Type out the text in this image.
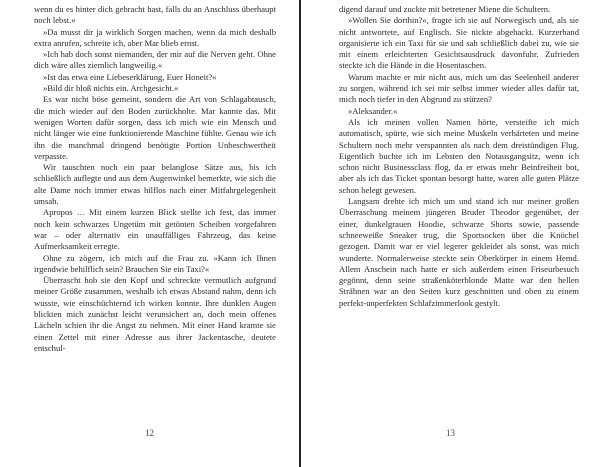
wenn du es hinter dich gebracht hast, falls du an Anschluss überhaupt noch lebst.«

»Da musst dir ja wirklich Sorgen machen, wenn da mich deshalb extra anrufen, schreite ich, aber Mar blieb ernst.

»Ich hab doch sonst niemanden, der mir auf die Nerven geht. Ohne dich wäre alles ziemlich langweilig.«

»Ist das etwa eine Liebeserklärung, Euer Honeit?«

»Bild dir bloß nichts ein. Archgesicht.«

Es war nicht böse gemeint, sondern die Art von Schlagabtausch, die mich wieder auf den Boden zurückholte. Mar kannte das. Mit wenigen Worten dafür sorgen, dass ich mich wie ein Mensch und nicht länger wie eine funktionierende Maschine fühlte. Genau wie ich ihn die manchmal dringend benötigte Portion Unbeschwertheit verpasste.

Wir tauschten noch ein paar belanglose Sätze aus, bis ich schließlich auflegte und aus dem Augenwinkel bemerkte, wie sich die alte Dame noch immer etwas hilflos nach einer Mitfahrgelegenheit umsah.

Apropos … Mit einem kurzen Blick stellte ich fest, das immer noch kein schwarzes Ungetüm mit getönten Scheiben vorgefahren war – oder alternativ ein unauffälliges Fahrzeug, das keine Aufmerksamkeit erregte.

Ohne zu zögern, ich mich auf die Frau zu. »Kann ich Ihnen irgendwie behilflich sein? Brauchen Sie ein Taxi?«

Überrascht hob sie den Kopf und schreckte vermutlich aufgrund meiner Größe zusammen, weshalb ich etwas Abstand nahm, denn ich wusste, wie einschüchternd ich wirken konnte. Ihre dunklen Augen blickten mich zunächst leicht verunsichert an, doch mein offenes Lächeln schien ihr die Angst zu nehmen. Mit einer Hand kramte sie einen Zettel mit einer Adresse aus ihrer Jackentasche, deutete entschul-

12

digend darauf und zuckte mit betretener Miene die Schultern.

»Wollen Sie dorthin?«, fragte ich sie auf Norwegisch und, als sie nicht antwortete, auf Englisch. Sie nickte abgehackt. Kurzerhand organisierte ich ein Taxi für sie und sah schließlich dabei zu, wie sie mit einem erleichterten Gesichtsausdruck davonfuhr. Zufrieden steckte ich die Hände in die Hosentaschen.

Warum machte er mir nicht aus, mich um das Seelenheil anderer zu sorgen, während ich sei mir selbst immer wieder alles dafür tat, mich noch tiefer in den Abgrund zu stürzen?

»Aleksander.«

Als ich meinen vollen Namen hörte, versteifte ich mich automatisch, spürte, wie sich meine Muskeln verhärteten und meine Schultern noch mehr verspannten als nach dem dreistündigen Flug. Eigentlich buchte ich im Lebsten den Notausgangsitz, wenn ich schon nicht Businessclass flog, da er etwas mehr Beinfreiheit bot, aber als ich das Ticket spontan besorgt hatte, waren alle guten Plätze schon belegt gewesen.

Langsam drehte ich mich um und stand ich nur meiner großen Überraschung meinem jüngeren Bruder Theodor gegenüber, der einer, dunkelgrauen Hoodie, schwarze Shorts sowie, passende schneeweiße Sneaker trug, die Sportsocken über die Knöchel gezogen. Damit war er viel legerer gekleidet als sonst, was mich wunderte. Normalerweise steckte sein Oberkörper in einem Hemd. Allem Anschein nach hatte er sich außerdem einen Friseurbesuch gegönnt, denn seine straßenköterblonde Matte war den hellen Strähnen war an den Seiten kurz geschnitten und oben zu einem perfekt-unperfekten Schlafzimmerlook gestylt.

13
